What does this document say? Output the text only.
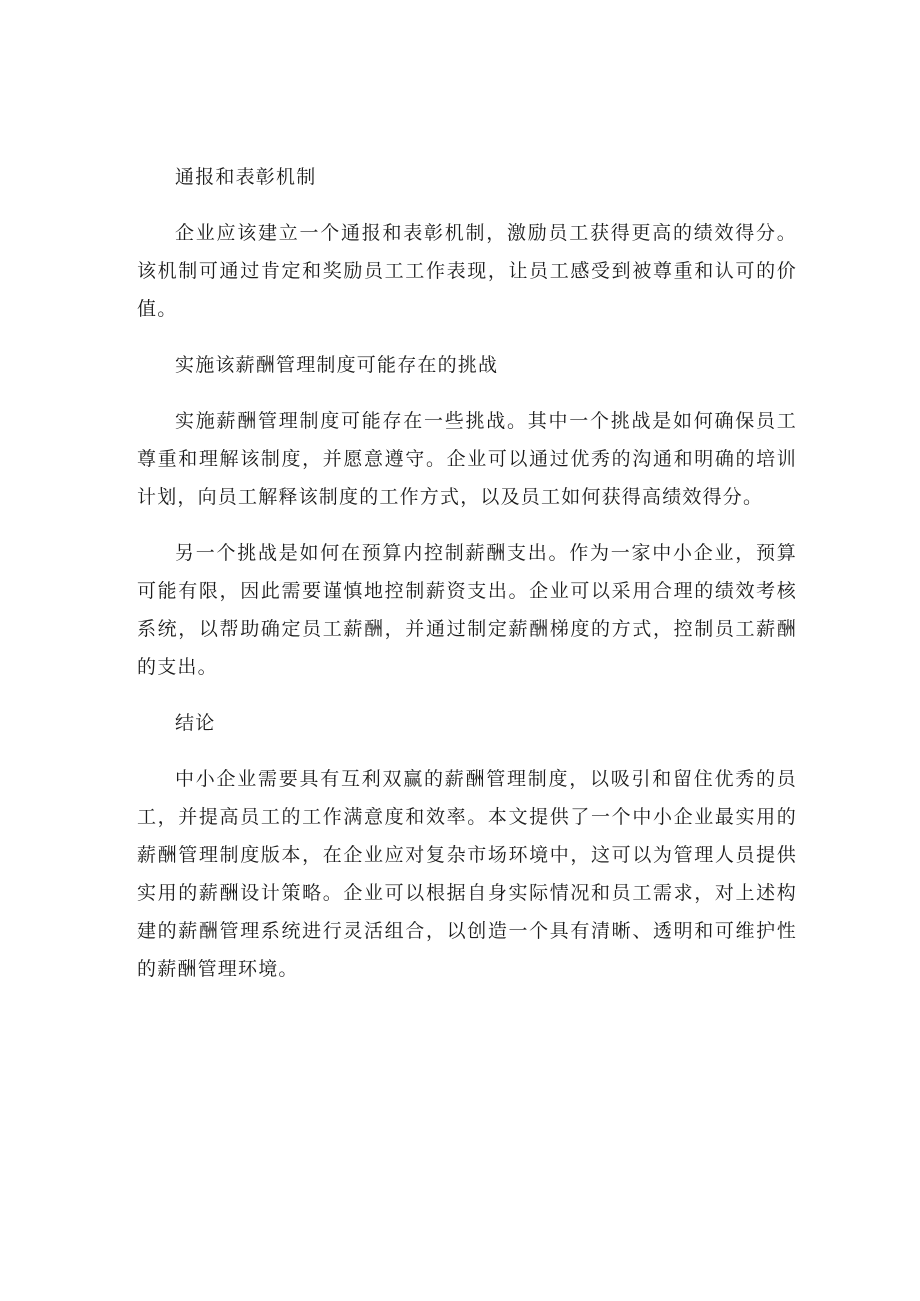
通报和表彰机制

企业应该建立一个通报和表彰机制，激励员工获得更高的绩效得分。该机制可通过肯定和奖励员工工作表现，让员工感受到被尊重和认可的价值。

实施该薪酬管理制度可能存在的挑战

实施薪酬管理制度可能存在一些挑战。其中一个挑战是如何确保员工尊重和理解该制度，并愿意遵守。企业可以通过优秀的沟通和明确的培训计划，向员工解释该制度的工作方式，以及员工如何获得高绩效得分。

另一个挑战是如何在预算内控制薪酬支出。作为一家中小企业，预算可能有限，因此需要谨慎地控制薪资支出。企业可以采用合理的绩效考核系统，以帮助确定员工薪酬，并通过制定薪酬梯度的方式，控制员工薪酬的支出。

结论

中小企业需要具有互利双赢的薪酬管理制度，以吸引和留住优秀的员工，并提高员工的工作满意度和效率。本文提供了一个中小企业最实用的薪酬管理制度版本，在企业应对复杂市场环境中，这可以为管理人员提供实用的薪酬设计策略。企业可以根据自身实际情况和员工需求，对上述构建的薪酬管理系统进行灵活组合，以创造一个具有清晰、透明和可维护性的薪酬管理环境。
